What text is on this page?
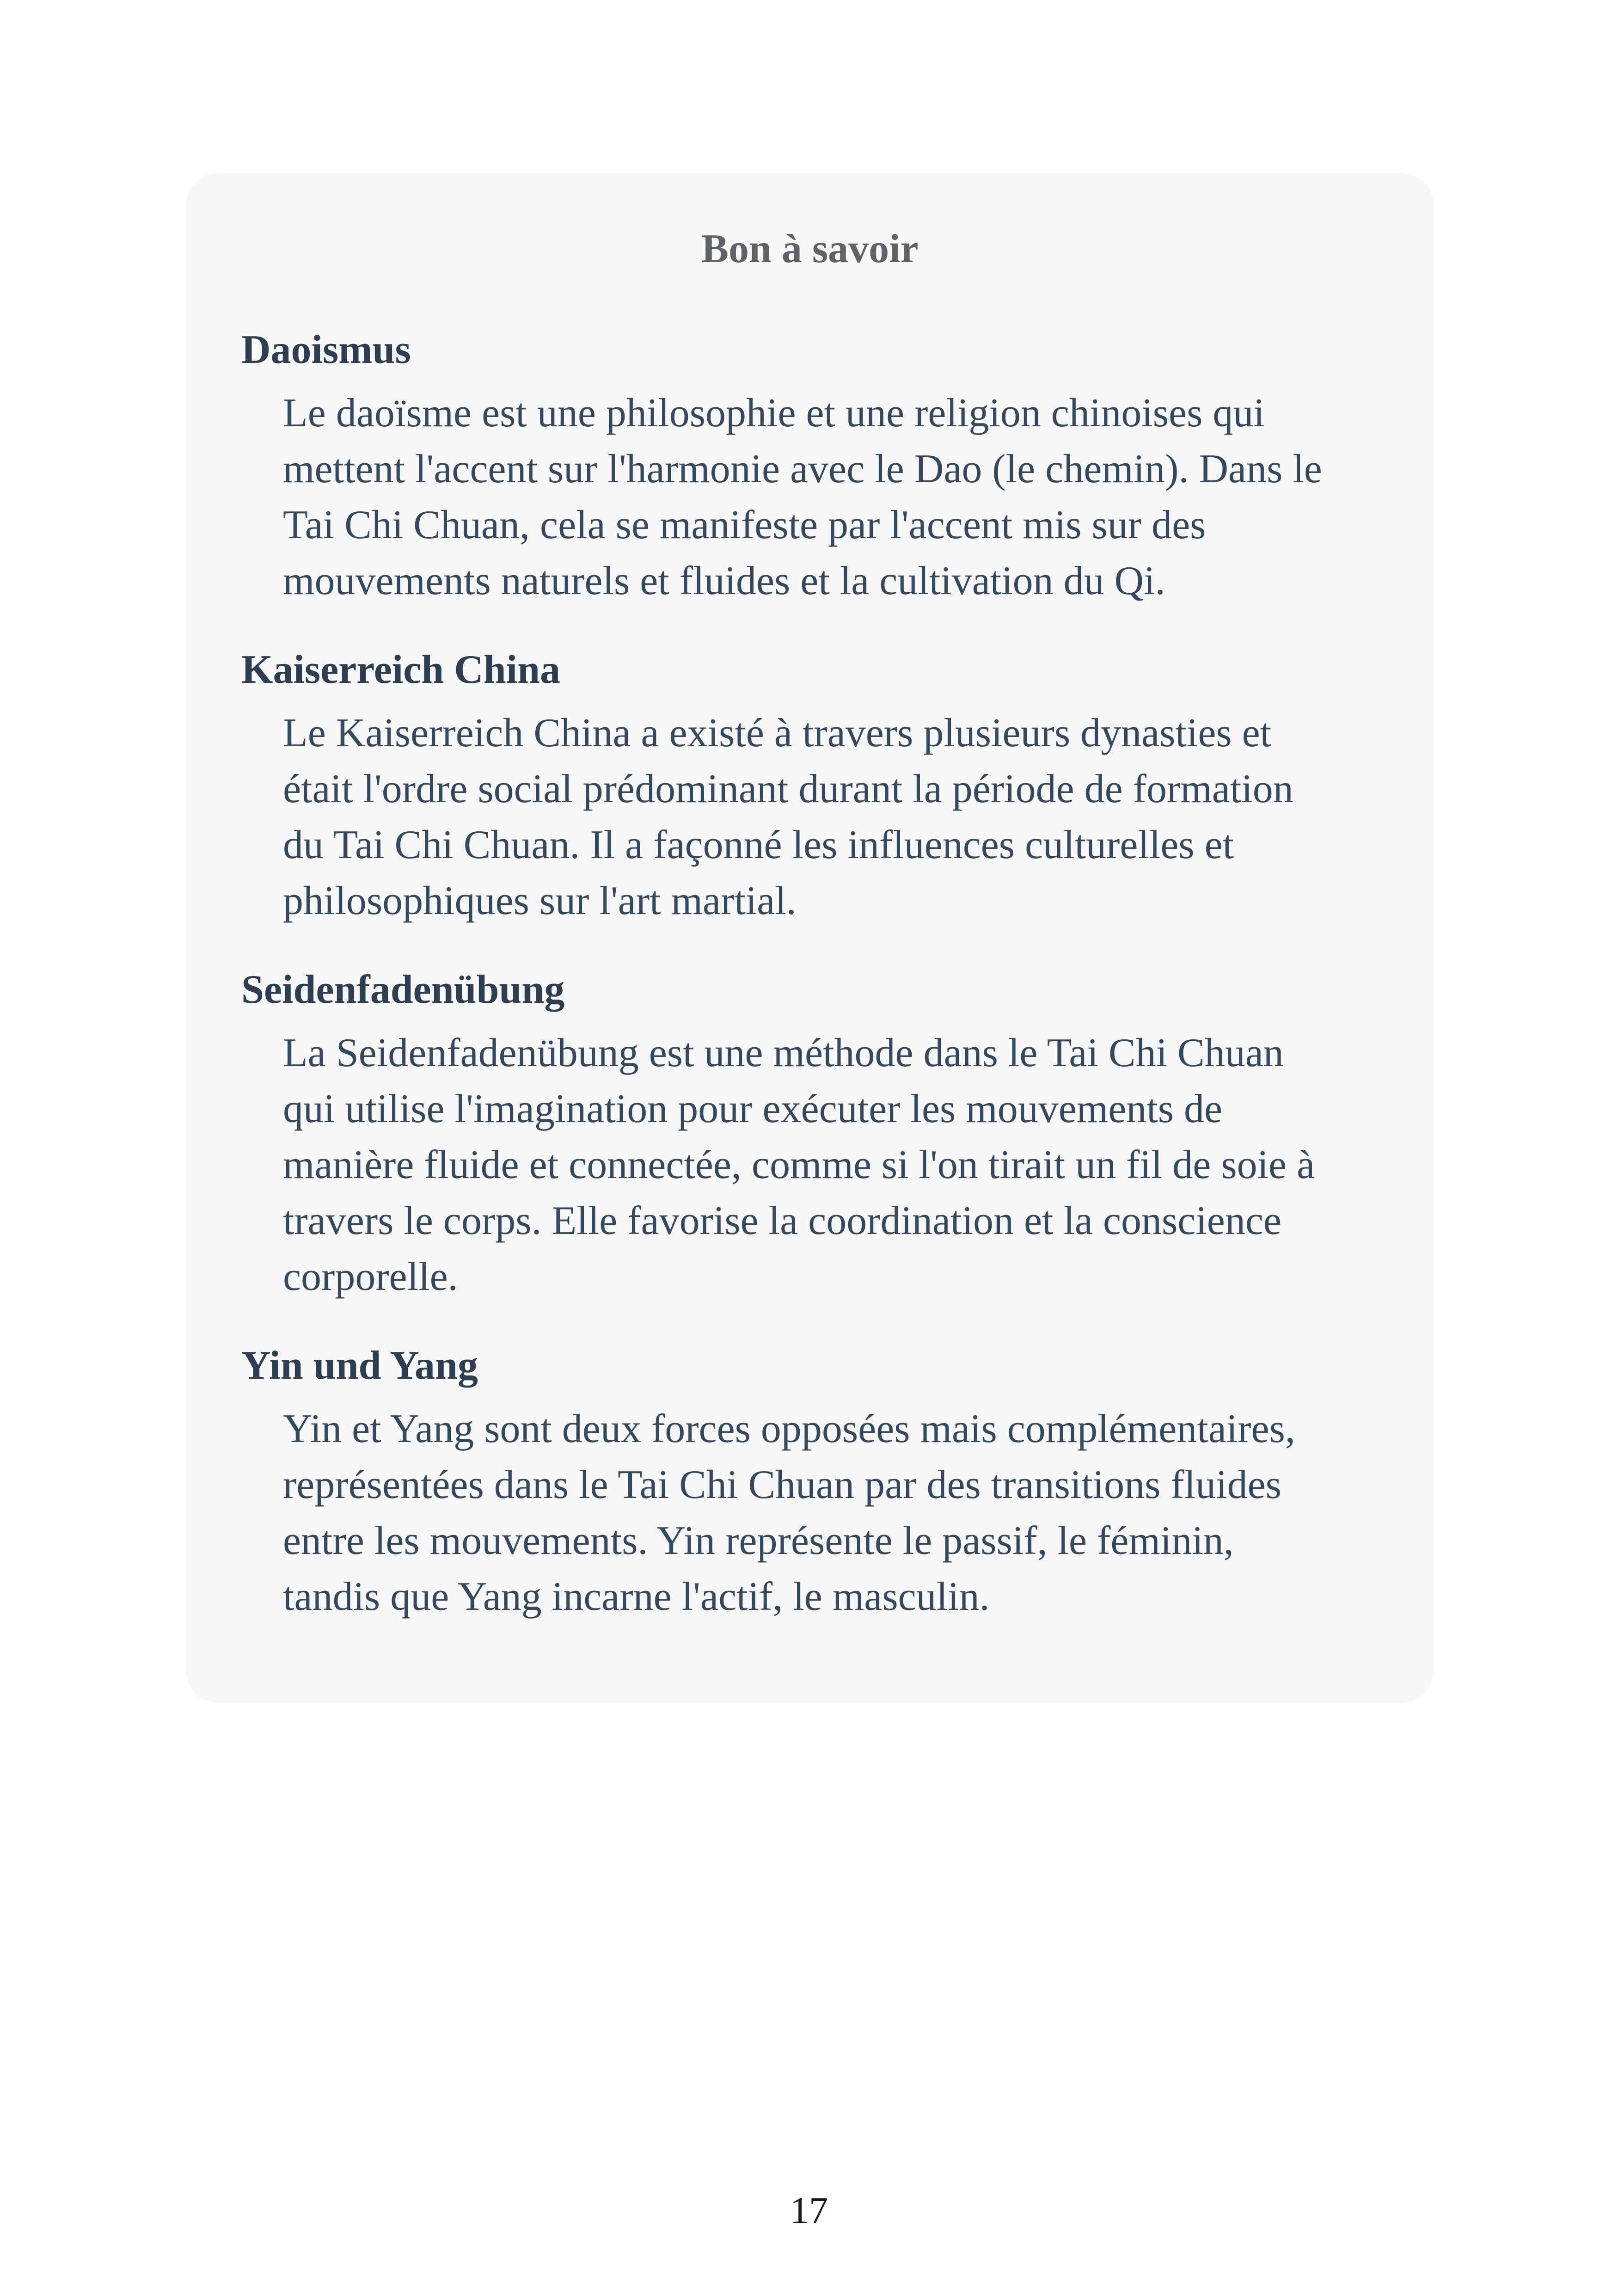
Bon à savoir
Daoismus
Le daoïsme est une philosophie et une religion chinoises qui
mettent l'accent sur l'harmonie avec le Dao (le chemin). Dans le
Tai Chi Chuan, cela se manifeste par l'accent mis sur des
mouvements naturels et fluides et la cultivation du Qi.
Kaiserreich China
Le Kaiserreich China a existé à travers plusieurs dynasties et
était l'ordre social prédominant durant la période de formation
du Tai Chi Chuan. Il a façonné les influences culturelles et
philosophiques sur l'art martial.
Seidenfadenübung
La Seidenfadenübung est une méthode dans le Tai Chi Chuan
qui utilise l'imagination pour exécuter les mouvements de
manière fluide et connectée, comme si l'on tirait un fil de soie à
travers le corps. Elle favorise la coordination et la conscience
corporelle.
Yin und Yang
Yin et Yang sont deux forces opposées mais complémentaires,
représentées dans le Tai Chi Chuan par des transitions fluides
entre les mouvements. Yin représente le passif, le féminin,
tandis que Yang incarne l'actif, le masculin.
17
